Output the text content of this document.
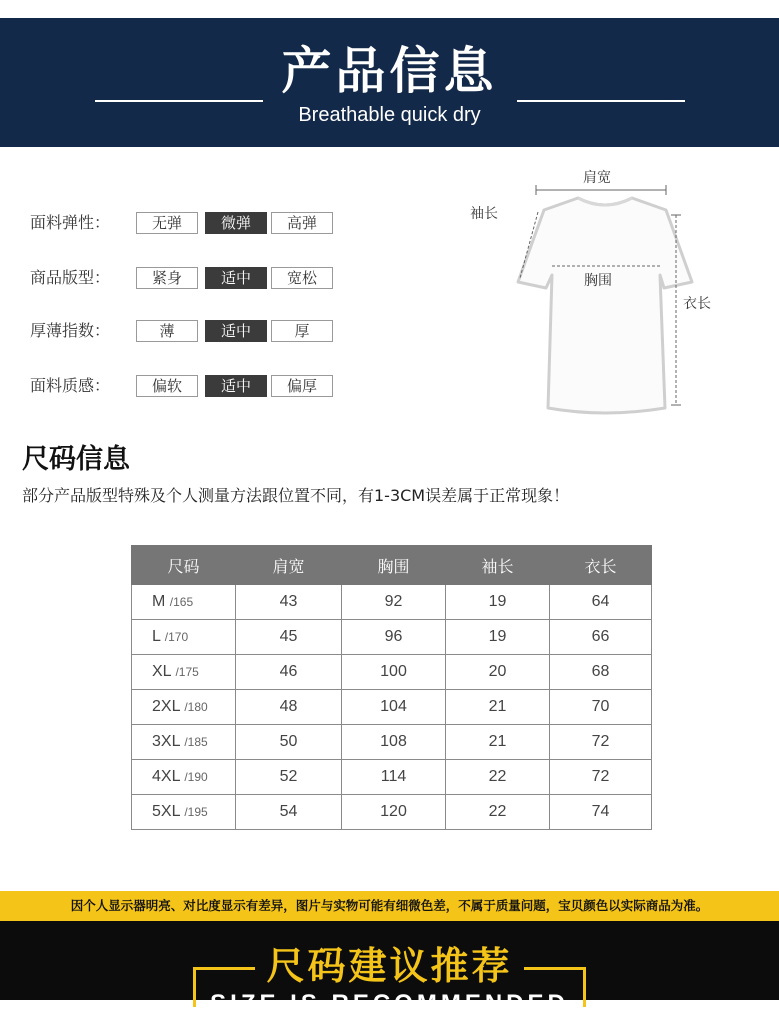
产品信息
Breathable quick dry
面料弹性：	无弹	微弹	高弹
商品版型：	紧身	适中	宽松
厚薄指数：	薄	适中	厚
面料质感：	偏软	适中	偏厚
肩宽
袖长
胸围
衣长
尺码信息
部分产品版型特殊及个人测量方法跟位置不同，有1-3CM误差属于正常现象！
尺码	肩宽	胸围	袖长	衣长
M /165	43	92	19	64
L /170	45	96	19	66
XL /175	46	100	20	68
2XL /180	48	104	21	70
3XL /185	50	108	21	72
4XL /190	52	114	22	72
5XL /195	54	120	22	74
因个人显示器明亮、对比度显示有差异，图片与实物可能有细微色差，不属于质量问题，宝贝颜色以实际商品为准。
尺码建议推荐
SIZE IS RECOMMENDED
